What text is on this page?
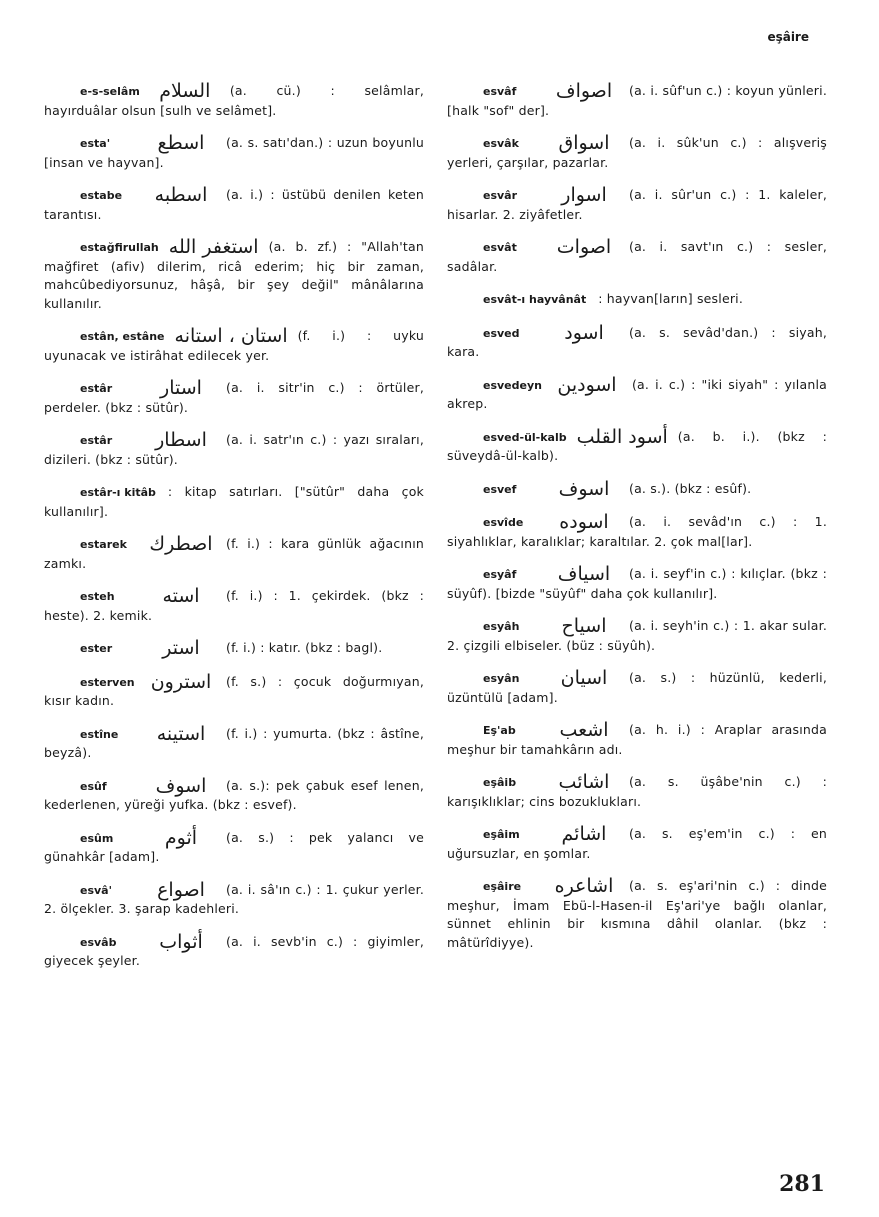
eşâire
e-s-selâm السلام (a. cü.) : selâmlar, hayırduâlar olsun [sulh ve selâmet].
esta' اسطع (a. s. satı'dan.) : uzun boyunlu [insan ve hayvan].
estabe اسطبه (a. i.) : üstübü denilen keten tarantısı.
estağfirullah استغفر الله (a. b. zf.) : "Allah'tan mağfiret (afiv) dilerim, ricâ ederim; hiç bir zaman, mahcûbediyorsunuz, hâşâ, bir şey değil" mânâlarına kullanılır.
estân, estâne استان ، استانه (f. i.) : uyku uyunacak ve istirâhat edilecek yer.
estâr	استار (a. i. sitr'in c.) : örtüler, perdeler. (bkz : sütûr).
estâr اسطار (a. i. satr'ın c.) : yazı sıraları, dizileri. (bkz : sütûr).
estâr-ı kitâb : kitap satırları. ["sütûr" daha çok kullanılır].
estarek اصطرك (f. i.) : kara günlük ağacının zamkı.
esteh	استه (f. i.) : 1. çekirdek. (bkz : heste). 2. kemik.
ester	استر (f. i.) : katır. (bkz : bagl).
esterven استرون (f. s.) : çocuk doğurmıyan, kısır kadın.
estîne استينه (f. i.) : yumurta. (bkz : âstîne, beyzâ).
esûf	اسوف (a. s.): pek çabuk esef lenen, kederlenen, yüreği yufka. (bkz : esvef).
esûm	أثوم (a. s.) : pek yalancı ve günahkâr [adam].
esvâ' اصواع (a. i. sâ'ın c.) : 1. çukur yerler. 2. ölçekler. 3. şarap kadehleri.
esvâb أثواب (a. i. sevb'in c.) : giyimler, giyecek şeyler.
esvâf اصواف (a. i. sûf'un c.) : koyun yünleri. [halk "sof" der].
esvâk اسواق (a. i. sûk'un c.) : alışveriş yerleri, çarşılar, pazarlar.
esvâr اسوار (a. i. sûr'un c.) : 1. kaleler, hisarlar. 2. ziyâfetler.
esvât اصوات (a. i. savt'ın c.) : sesler, sadâlar.
esvât-ı hayvânât : hayvan[ların] sesleri.
esved اسود (a. s. sevâd'dan.) : siyah, kara.
esvedeyn اسودين (a. i. c.) : "iki siyah" : yılanla akrep.
esved-ül-kalb أسود القلب (a. b. i.). (bkz : süveydâ-ül-kalb).
esvef اسوف (a. s.). (bkz : esûf).
esvîde اسوده (a. i. sevâd'ın c.) : 1. siyahlıklar, karalıklar; karaltılar. 2. çok mal[lar].
esyâf اسياف (a. i. seyf'in c.) : kılıçlar. (bkz : süyûf). [bizde "süyûf" daha çok kullanılır].
esyâh اسياح (a. i. seyh'in c.) : 1. akar sular. 2. çizgili elbiseler. (büz : süyûh).
esyân اسيان (a. s.) : hüzünlü, kederli, üzüntülü [adam].
Eş'ab اشعب (a. h. i.) : Araplar arasında meşhur bir tamahkârın adı.
eşâib اشائب (a. s. üşâbe'nin c.) : karışıklıklar; cins bozuklukları.
eşâim اشائم (a. s. eş'em'in c.) : en uğursuzlar, en şomlar.
eşâire اشاعره (a. s. eş'ari'nin c.) : dinde meşhur, İmam Ebü-l-Hasen-il Eş'ari'ye bağlı olanlar, sünnet ehlinin bir kısmına dâhil olanlar. (bkz : mâtürîdiyye).
281
